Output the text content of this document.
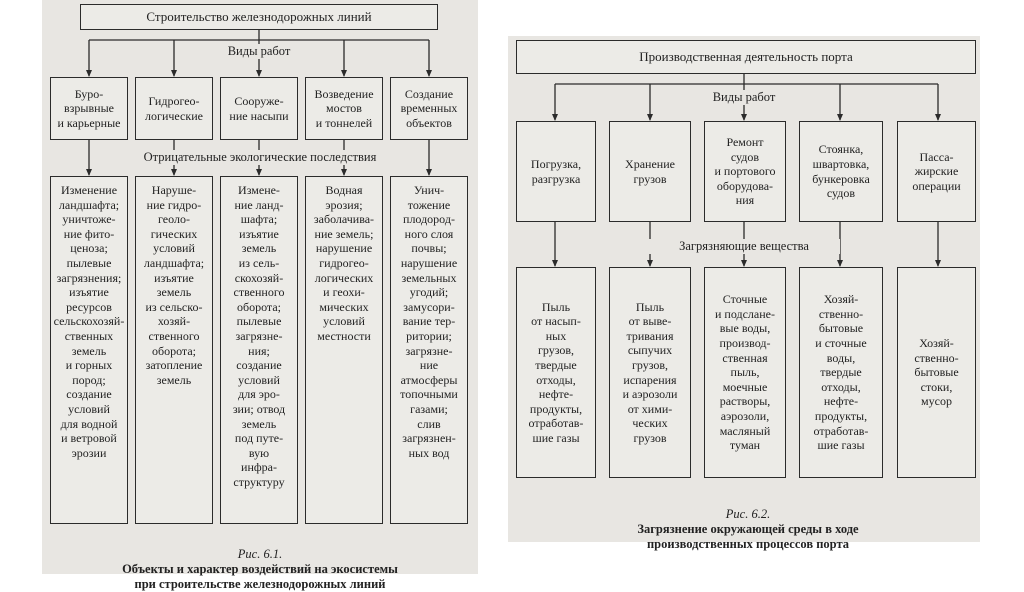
Строительство железнодорожных линий
Виды работ
Буро-
взрывные
и карьерные
Гидрогео-
логические
Сооруже-
ние насыпи
Возведение
мостов
и тоннелей
Создание
временных
объектов
Отрицательные экологические последствия
Изменение
ландшафта;
уничтоже-
ние фито-
ценоза;
пылевые
загрязнения;
изъятие
ресурсов
сельскохозяй-
ственных
земель
и горных
пород;
создание
условий
для водной
и ветровой
эрозии
Наруше-
ние гидро-
геоло-
гических
условий
ландшафта;
изъятие
земель
из сельско-
хозяй-
ственного
оборота;
затопление
земель
Измене-
ние ланд-
шафта;
изъятие
земель
из сель-
скохозяй-
ственного
оборота;
пылевые
загрязне-
ния;
создание
условий
для эро-
зии; отвод
земель
под путе-
вую
инфра-
структуру
Водная
эрозия;
заболачива-
ние земель;
нарушение
гидрогео-
логических
и геохи-
мических
условий
местности
Унич-
тожение
плодород-
ного слоя
почвы;
нарушение
земельных
угодий;
замусори-
вание тер-
ритории;
загрязне-
ние
атмосферы
топочными
газами;
слив
загрязнен-
ных вод

Рис. 6.1.
Объекты и характер воздействий на экосистемы
при строительстве железнодорожных линий

Производственная деятельность порта
Виды работ
Погрузка,
разгрузка
Хранение
грузов
Ремонт
судов
и портового
оборудова-
ния
Стоянка,
швартовка,
бункеровка
судов
Пасса-
жирские
операции
Загрязняющие вещества
Пыль
от насып-
ных
грузов,
твердые
отходы,
нефте-
продукты,
отработав-
шие газы
Пыль
от выве-
тривания
сыпучих
грузов,
испарения
и аэрозоли
от хими-
ческих
грузов
Сточные
и подслане-
вые воды,
производ-
ственная
пыль,
моечные
растворы,
аэрозоли,
масляный
туман
Хозяй-
ственно-
бытовые
и сточные
воды,
твердые
отходы,
нефте-
продукты,
отработав-
шие газы
Хозяй-
ственно-
бытовые
стоки,
мусор

Рис. 6.2.
Загрязнение окружающей среды в ходе
производственных процессов порта
